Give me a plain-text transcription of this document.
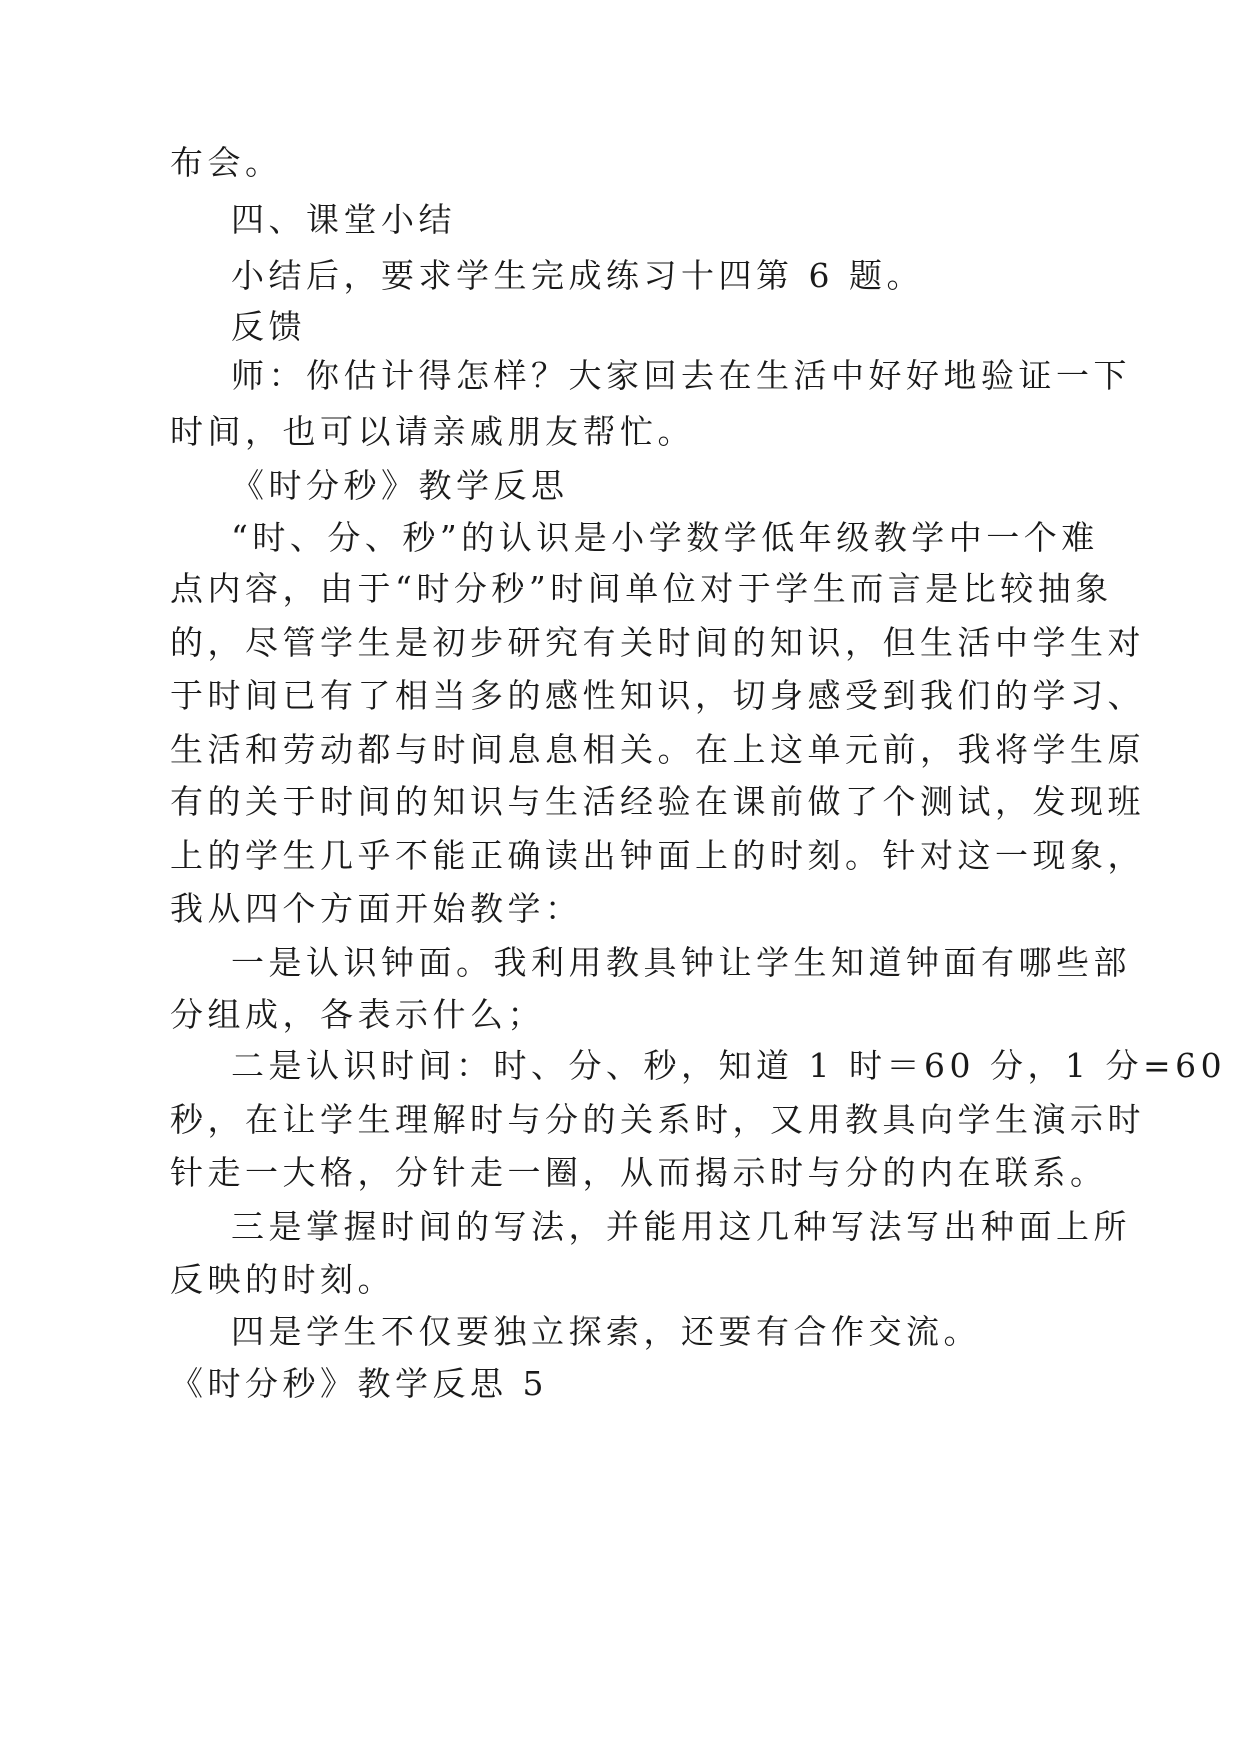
布会。
四、课堂小结
小结后，要求学生完成练习十四第 6 题。
反馈
师：你估计得怎样？大家回去在生活中好好地验证一下
时间，也可以请亲戚朋友帮忙。
《时分秒》教学反思
“时、分、秒”的认识是小学数学低年级教学中一个难
点内容，由于“时分秒”时间单位对于学生而言是比较抽象
的，尽管学生是初步研究有关时间的知识，但生活中学生对
于时间已有了相当多的感性知识，切身感受到我们的学习、
生活和劳动都与时间息息相关。在上这单元前，我将学生原
有的关于时间的知识与生活经验在课前做了个测试，发现班
上的学生几乎不能正确读出钟面上的时刻。针对这一现象，
我从四个方面开始教学：
一是认识钟面。我利用教具钟让学生知道钟面有哪些部
分组成，各表示什么；
二是认识时间：时、分、秒，知道 1 时＝60 分，1 分=60
秒，在让学生理解时与分的关系时，又用教具向学生演示时
针走一大格，分针走一圈，从而揭示时与分的内在联系。
三是掌握时间的写法，并能用这几种写法写出种面上所
反映的时刻。
四是学生不仅要独立探索，还要有合作交流。
《时分秒》教学反思 5
